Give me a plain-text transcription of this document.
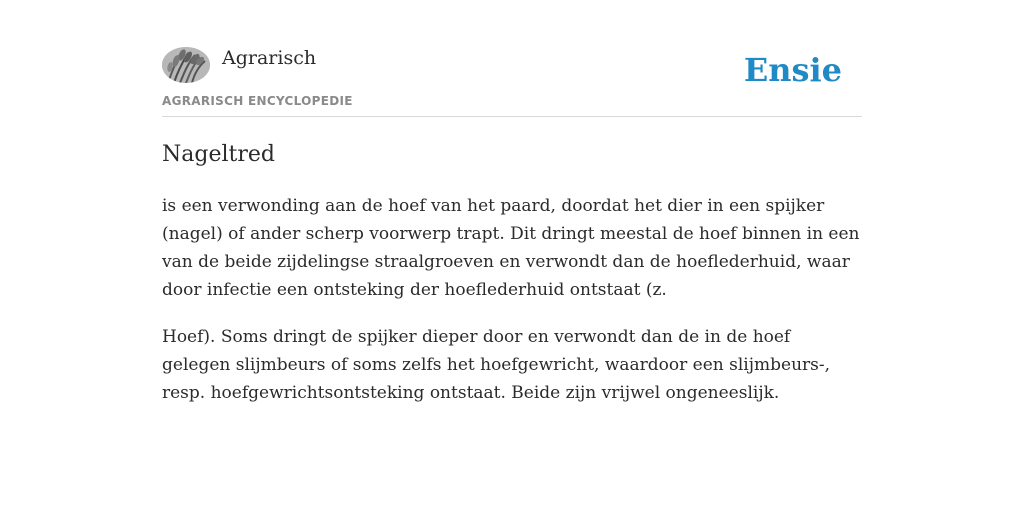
Agrarisch
AGRARISCH ENCYCLOPEDIE
Ensie
Nageltred

is een verwonding aan de hoef van het paard, doordat het dier in een spijker (nagel) of ander scherp voorwerp trapt. Dit dringt meestal de hoef binnen in een van de beide zijdelingse straalgroeven en verwondt dan de hoeflederhuid, waar door infectie een ontsteking der hoeflederhuid ontstaat (z.

Hoef). Soms dringt de spijker dieper door en verwondt dan de in de hoef gelegen slijmbeurs of soms zelfs het hoefgewricht, waardoor een slijmbeurs-, resp. hoefgewrichtsontsteking ontstaat. Beide zijn vrijwel ongeneeslijk.
